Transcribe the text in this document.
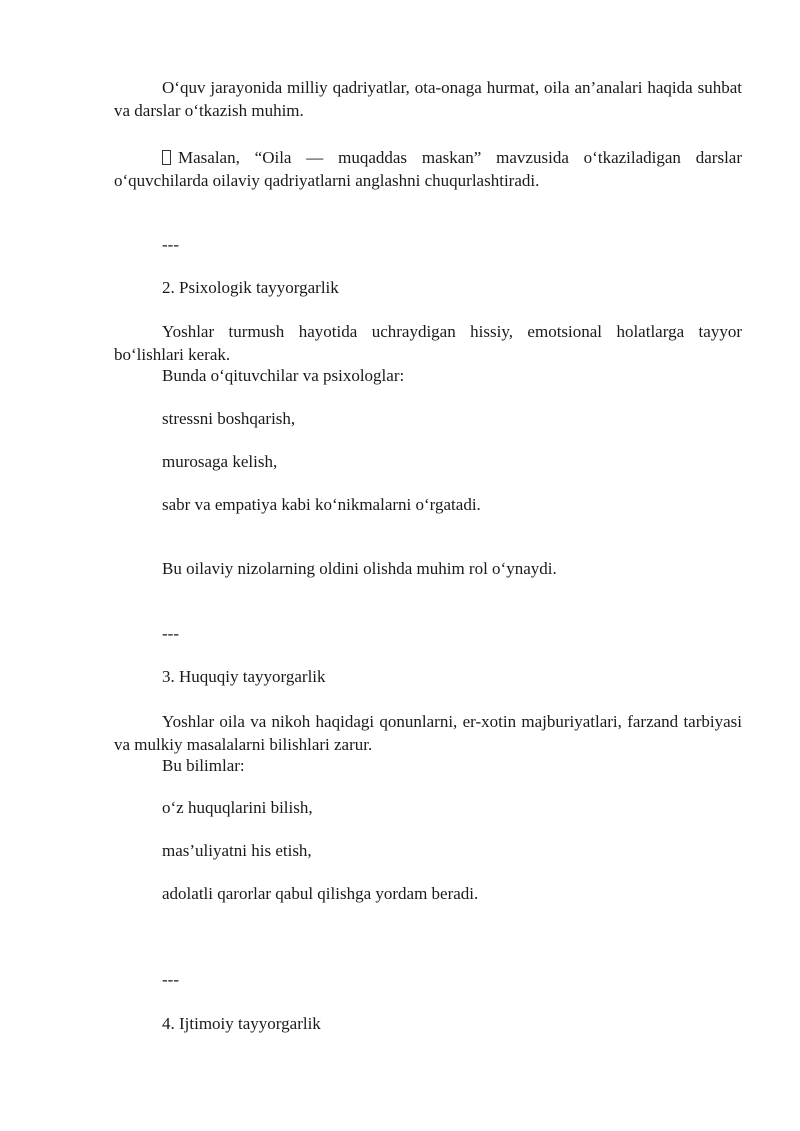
O‘quv jarayonida milliy qadriyatlar, ota-onaga hurmat, oila an’analari haqida suhbat va darslar o‘tkazish muhim.

Masalan, “Oila — muqaddas maskan” mavzusida o‘tkaziladigan darslar o‘quvchilarda oilaviy qadriyatlarni anglashni chuqurlashtiradi.

---

2. Psixologik tayyorgarlik

Yoshlar turmush hayotida uchraydigan hissiy, emotsional holatlarga tayyor bo‘lishlari kerak.

Bunda o‘qituvchilar va psixologlar:

stressni boshqarish,

murosaga kelish,

sabr va empatiya kabi ko‘nikmalarni o‘rgatadi.

Bu oilaviy nizolarning oldini olishda muhim rol o‘ynaydi.

---

3. Huquqiy tayyorgarlik

Yoshlar oila va nikoh haqidagi qonunlarni, er-xotin majburiyatlari, farzand tarbiyasi va mulkiy masalalarni bilishlari zarur.

Bu bilimlar:

o‘z huquqlarini bilish,

mas’uliyatni his etish,

adolatli qarorlar qabul qilishga yordam beradi.

---

4. Ijtimoiy tayyorgarlik
